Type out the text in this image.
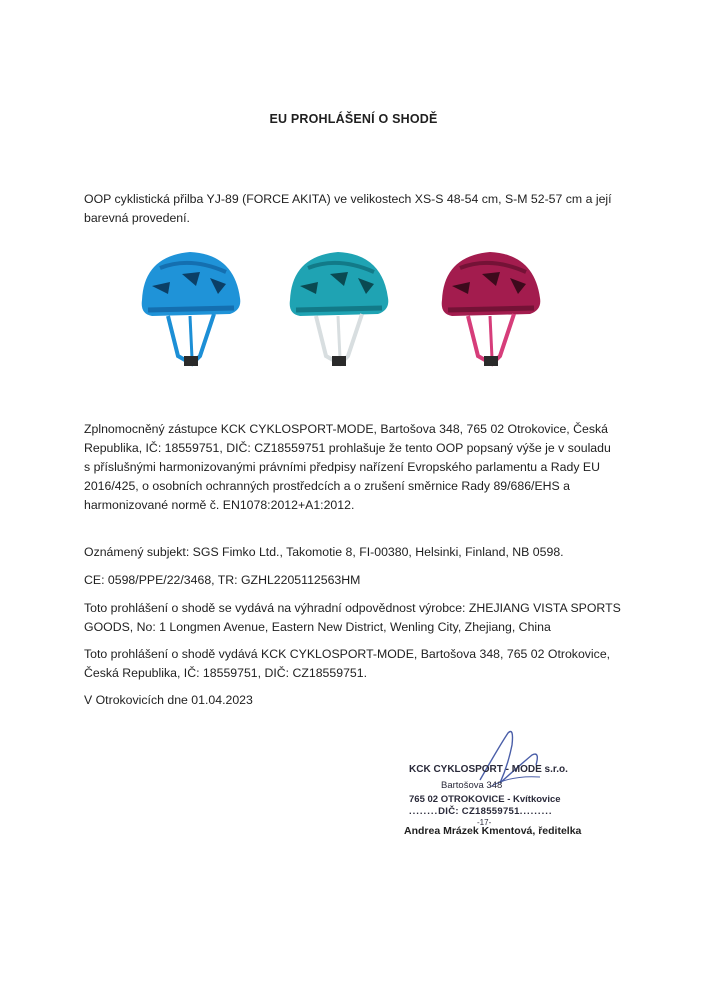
EU PROHLÁŠENÍ O SHODĚ
OOP cyklistická přilba YJ-89 (FORCE AKITA) ve velikostech XS-S 48-54 cm, S-M 52-57 cm a její
barevná provedení.
Zplnomocněný zástupce KCK CYKLOSPORT-MODE, Bartošova 348, 765 02 Otrokovice, Česká
Republika, IČ: 18559751, DIČ: CZ18559751 prohlašuje že tento OOP popsaný výše je v souladu
s příslušnými harmonizovanými právními předpisy nařízení Evropského parlamentu a Rady EU
2016/425, o osobních ochranných prostředcích a o zrušení směrnice Rady 89/686/EHS a
harmonizované normě č. EN1078:2012+A1:2012.
Oznámený subjekt: SGS Fimko Ltd., Takomotie 8, FI-00380, Helsinki, Finland, NB 0598.
CE: 0598/PPE/22/3468, TR: GZHL2205112563HM
Toto prohlášení o shodě se vydává na výhradní odpovědnost výrobce: ZHEJIANG VISTA SPORTS
GOODS, No: 1 Longmen Avenue, Eastern New District, Wenling City, Zhejiang, China
Toto prohlášení o shodě vydává KCK CYKLOSPORT-MODE, Bartošova 348, 765 02 Otrokovice,
Česká Republika, IČ: 18559751, DIČ: CZ18559751.
V Otrokovicích dne 01.04.2023
KCK CYKLOSPORT - MODE s.r.o.
Bartošova 348
765 02 OTROKOVICE - Kvítkovice
........DIČ: CZ18559751.........
-17-
Andrea Mrázek Kmentová, ředitelka
